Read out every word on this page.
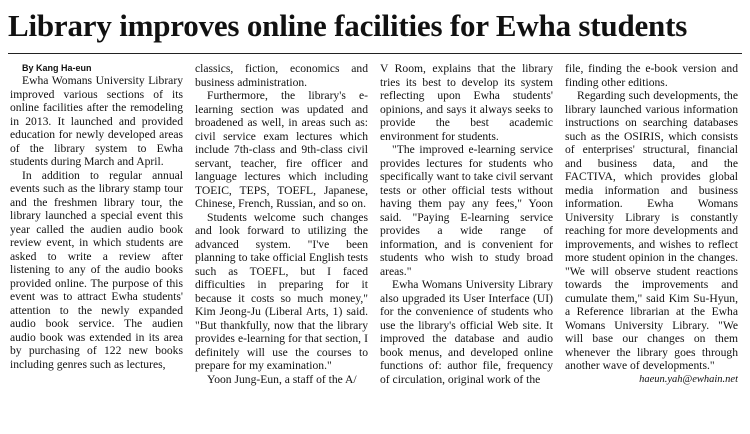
Library improves online facilities for Ewha students

By Kang Ha-eun

Ewha Womans University Library improved various sections of its online facilities after the remodeling in 2013. It launched and provided education for newly developed areas of the library system to Ewha students during March and April.

In addition to regular annual events such as the library stamp tour and the freshmen library tour, the library launched a special event this year called the audien audio book review event, in which students are asked to write a review after listening to any of the audio books provided online. The purpose of this event was to attract Ewha students' attention to the newly expanded audio book service. The audien audio book was extended in its area by purchasing of 122 new books including genres such as lectures,

classics, fiction, economics and business administration.

Furthermore, the library's e-learning section was updated and broadened as well, in areas such as: civil service exam lectures which include 7th-class and 9th-class civil servant, teacher, fire officer and language lectures which including TOEIC, TEPS, TOEFL, Japanese, Chinese, French, Russian, and so on.

Students welcome such changes and look forward to utilizing the advanced system. "I've been planning to take official English tests such as TOEFL, but I faced difficulties in preparing for it because it costs so much money," Kim Jeong-Ju (Liberal Arts, 1) said. "But thankfully, now that the library provides e-learning for that section, I definitely will use the courses to prepare for my examination."

Yoon Jung-Eun, a staff of the A/

V Room, explains that the library tries its best to develop its system reflecting upon Ewha students' opinions, and says it always seeks to provide the best academic environment for students.

"The improved e-learning service provides lectures for students who specifically want to take civil servant tests or other official tests without having them pay any fees," Yoon said. "Paying E-learning service provides a wide range of information, and is convenient for students who wish to study broad areas."

Ewha Womans University Library also upgraded its User Interface (UI) for the convenience of students who use the library's official Web site. It improved the database and audio book menus, and developed online functions of: author file, frequency of circulation, original work of the

file, finding the e-book version and finding other editions.

Regarding such developments, the library launched various information instructions on searching databases such as the OSIRIS, which consists of enterprises' structural, financial and business data, and the FACTIVA, which provides global media information and business information. Ewha Womans University Library is constantly reaching for more developments and improvements, and wishes to reflect more student opinion in the changes. "We will observe student reactions towards the improvements and cumulate them," said Kim Su-Hyun, a Reference librarian at the Ewha Womans University Library. "We will base our changes on them whenever the library goes through another wave of developments."

haeun.yah@ewhain.net
